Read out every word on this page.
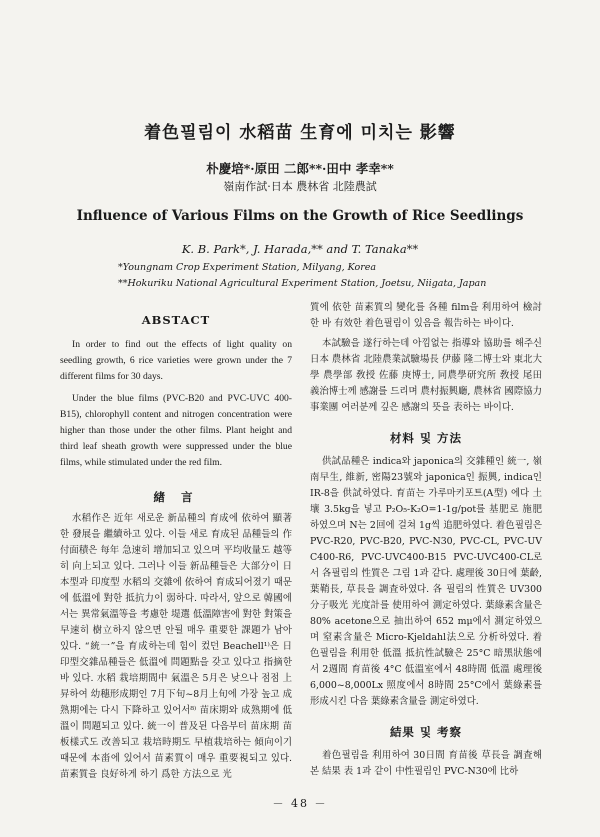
着色필림이 水稻苗 生育에 미치는 影響
朴慶培*·原田 二郎**·田中 孝幸**
嶺南作試·日本 農林省 北陸農試
Influence of Various Films on the Growth of Rice Seedlings
K. B. Park*, J. Harada,** and T. Tanaka**
*Youngnam Crop Experiment Station, Milyang, Korea
**Hokuriku National Agricultural Experiment Station, Joetsu, Niigata, Japan
ABSTACT

In order to find out the effects of light quality on seedling growth, 6 rice varieties were grown under the 7 different films for 30 days.

Under the blue films (PVC-B20 and PVC-UVC 400-B15), chlorophyll content and nitrogen concentration were higher than those under the other films. Plant height and third leaf sheath growth were suppressed under the blue films, while stimulated under the red film.

緖 言

水稻作은 近年 새로운 新品種의 育成에 依하여 顯著한 發展을 繼續하고 있다. 이들 새로 育成된 品種들의 作付面積은 每年 急速히 增加되고 있으며 平均收量도 越等히 向上되고 있다. 그러나 이들 新品種들은 大部分이 日本型과 印度型 水稻의 交雜에 依하여 育成되어졌기 때문에 低溫에 對한 抵抗力이 弱하다. 따라서, 앞으로 韓國에서는 異常氣溫等을 考慮한 堤選 低溫障害에 對한 對策을 早速히 樹立하지 않으면 안될 매우 重要한 課題가 남아 있다. “統一”을 育成하는데 힘이 컸던 Beachell¹⁾은 日印型交雜品種들은 低溫에 問題點을 갖고 있다고 指摘한 바 있다. 水稻 栽培期間中 氣溫은 5月은 낮으나 점점 上昇하여 幼穗形成期인 7月下旬~8月上旬에 가장 높고 成熟期에는 다시 下降하고 있어서⁸⁾ 苗床期와 成熟期에 低溫이 問題되고 있다. 統一이 普及된 다음부터 苗床期 苗板樣式도 改善되고 栽培時期도 早植栽培하는 傾向이기 때문에 本畓에 있어서 苗素質이 매우 重要視되고 있다. 苗素質을 良好하게 하기 爲한 方法으로 光

質에 依한 苗素質의 變化를 各種 film을 利用하여 檢討한 바 有效한 着色필림이 있음을 報告하는 바이다.

本試驗을 遂行하는데 아낌없는 指導와 協助를 해주신 日本 農林省 北陸農業試驗場長 伊藤 隆二博士와 東北大學 農學部 敎授 佐藤 庚博士, 同農學研究所 敎授 尾田 義治博士께 感謝를 드리며 農村振興廳, 農林省 國際協力事業團 여러분께 깊은 感謝의 뜻을 表하는 바이다.

材料 및 方法

供試品種은 indica와 japonica의 交雜種인 統一, 嶺南早生, 維新, 密陽23號와 japonica인 振興, indica인 IR-8을 供試하였다. 育苗는 가루마키포트(A型) 에다 土壤 3.5kg을 넣고 P₂O₅-K₂O=1-1g/pot를 基肥로 施肥하였으며 N는 2回에 걸쳐 1g씩 追肥하였다. 着色필림은 PVC-R20, PVC-B20, PVC-N30, PVC-CL, PVC-UVC400-R6, PVC-UVC400-B15 PVC-UVC400-CL로서 各필림의 性質은 그림 1과 같다. 處理後 30日에 葉齡, 葉鞘長, 草長을 調査하였다. 各 필림의 性質은 UV300 分子吸光 光度計를 使用하여 測定하였다. 葉綠素含量은 80% acetone으로 抽出하여 652 mμ에서 測定하였으며 窒素含量은 Micro-Kjeldahl法으로 分析하였다. 着色필림을 利用한 低溫 抵抗性試驗은 25°C 暗黑狀態에서 2週間 育苗後 4°C 低溫室에서 48時間 低溫 處理後 6,000~8,000Lx 照度에서 8時間 25°C에서 葉綠素를 形成시킨 다음 葉綠素含量을 測定하였다.

結果 및 考察

着色필림을 利用하여 30日間 育苗後 草長을 調査해본 結果 表 1과 같이 中性필림인 PVC-N30에 比하

－ 48 －
